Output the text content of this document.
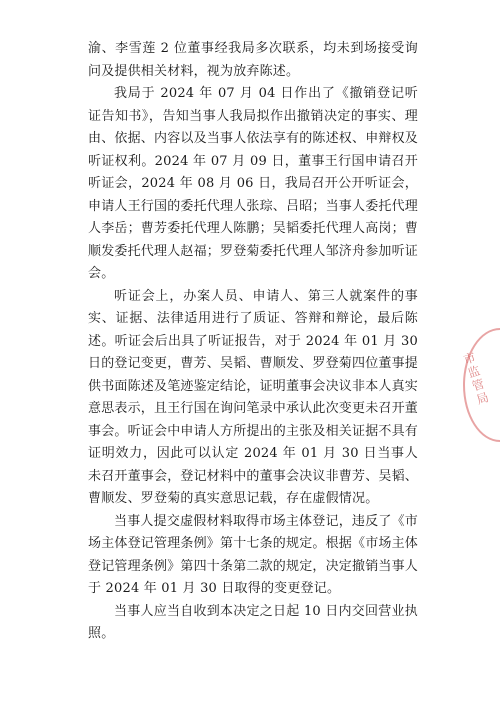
渝、李雪莲 2 位董事经我局多次联系，均未到场接受询问及提供相关材料，视为放弃陈述。

我局于 2024 年 07 月 04 日作出了《撤销登记听证告知书》，告知当事人我局拟作出撤销决定的事实、理由、依据、内容以及当事人依法享有的陈述权、申辩权及听证权利。2024 年 07 月 09 日，董事王行国申请召开听证会，2024 年 08 月 06 日，我局召开公开听证会，申请人王行国的委托代理人张琮、吕昭；当事人委托代理人李岳；曹芳委托代理人陈鹏；吴韬委托代理人高岗；曹顺发委托代理人赵福；罗登菊委托代理人邹济舟参加听证会。

听证会上，办案人员、申请人、第三人就案件的事实、证据、法律适用进行了质证、答辩和辩论，最后陈述。听证会后出具了听证报告，对于 2024 年 01 月 30 日的登记变更，曹芳、吴韬、曹顺发、罗登菊四位董事提供书面陈述及笔迹鉴定结论，证明董事会决议非本人真实意思表示，且王行国在询问笔录中承认此次变更未召开董事会。听证会中申请人方所提出的主张及相关证据不具有证明效力，因此可以认定 2024 年 01 月 30 日当事人未召开董事会，登记材料中的董事会决议非曹芳、吴韬、曹顺发、罗登菊的真实意思记载，存在虚假情况。

当事人提交虚假材料取得市场主体登记，违反了《市场主体登记管理条例》第十七条的规定。根据《市场主体登记管理条例》第四十条第二款的规定，决定撤销当事人于 2024 年 01 月 30 日取得的变更登记。

当事人应当自收到本决定之日起 10 日内交回营业执照。

市监管局
